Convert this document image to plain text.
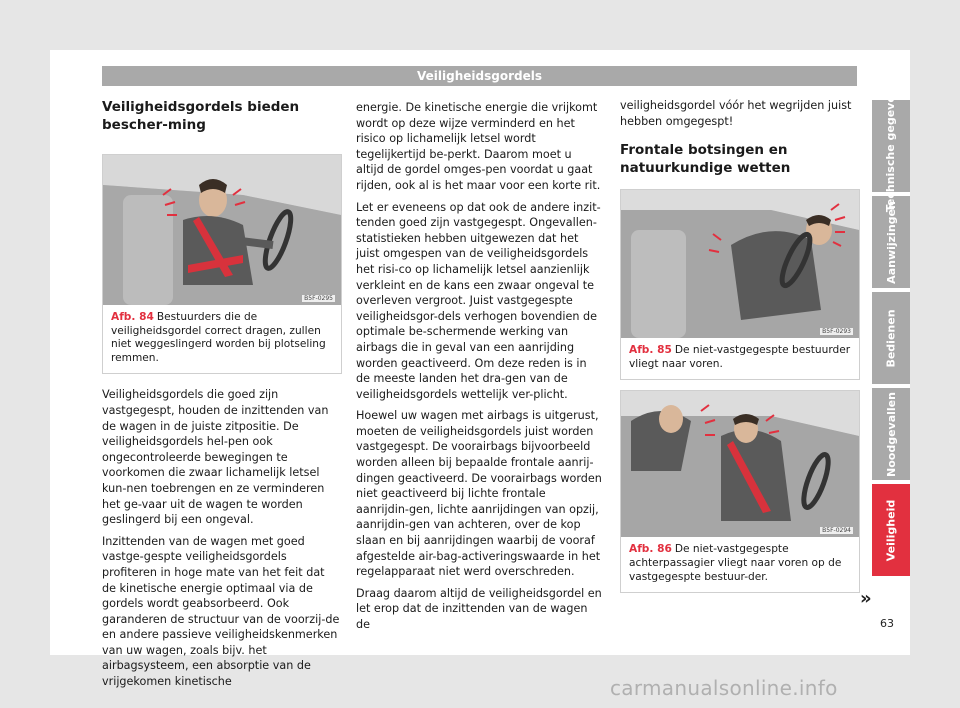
Veiligheidsgordels
Veiligheidsgordels bieden bescher-ming
B5F-0295
Afb. 84 Bestuurders die de veiligheidsgordel correct dragen, zullen niet weggeslingerd worden bij plotseling remmen.

Veiligheidsgordels die goed zijn vastgegespt, houden de inzittenden van de wagen in de juiste zitpositie. De veiligheidsgordels hel-pen ook ongecontroleerde bewegingen te voorkomen die zwaar lichamelijk letsel kun-nen toebrengen en ze verminderen het ge-vaar uit de wagen te worden geslingerd bij een ongeval.

Inzittenden van de wagen met goed vastge-gespte veiligheidsgordels profiteren in hoge mate van het feit dat de kinetische energie optimaal via de gordels wordt geabsorbeerd. Ook garanderen de structuur van de voorzij-de en andere passieve veiligheidskenmerken van uw wagen, zoals bijv. het airbagsysteem, een absorptie van de vrijgekomen kinetische

energie. De kinetische energie die vrijkomt wordt op deze wijze verminderd en het risico op lichamelijk letsel wordt tegelijkertijd be-perkt. Daarom moet u altijd de gordel omges-pen voordat u gaat rijden, ook al is het maar voor een korte rit.

Let er eveneens op dat ook de andere inzit-tenden goed zijn vastgegespt. Ongevallen-statistieken hebben uitgewezen dat het juist omgespen van de veiligheidsgordels het risi-co op lichamelijk letsel aanzienlijk verkleint en de kans een zwaar ongeval te overleven vergroot. Juist vastgegespte veiligheidsgor-dels verhogen bovendien de optimale be-schermende werking van airbags die in geval van een aanrijding worden geactiveerd. Om deze reden is in de meeste landen het dra-gen van de veiligheidsgordels wettelijk ver-plicht.

Hoewel uw wagen met airbags is uitgerust, moeten de veiligheidsgordels juist worden vastgegespt. De voorairbags bijvoorbeeld worden alleen bij bepaalde frontale aanrij-dingen geactiveerd. De voorairbags worden niet geactiveerd bij lichte frontale aanrijdin-gen, lichte aanrijdingen van opzij, aanrijdin-gen van achteren, over de kop slaan en bij aanrijdingen waarbij de vooraf afgestelde air-bag-activeringswaarde in het regelapparaat niet werd overschreden.

Draag daarom altijd de veiligheidsgordel en let erop dat de inzittenden van de wagen de

veiligheidsgordel vóór het wegrijden juist hebben omgegespt!

Frontale botsingen en natuurkundige wetten
B5F-0293
Afb. 85 De niet-vastgegespte bestuurder vliegt naar voren.
B5F-0294
Afb. 86 De niet-vastgegespte achterpassagier vliegt naar voren op de vastgegespte bestuur-der.
Technische gegevens
Aanwijzingen
Bedienen
Noodgevallen
Veiligheid
»
63
carmanualsonline.info
